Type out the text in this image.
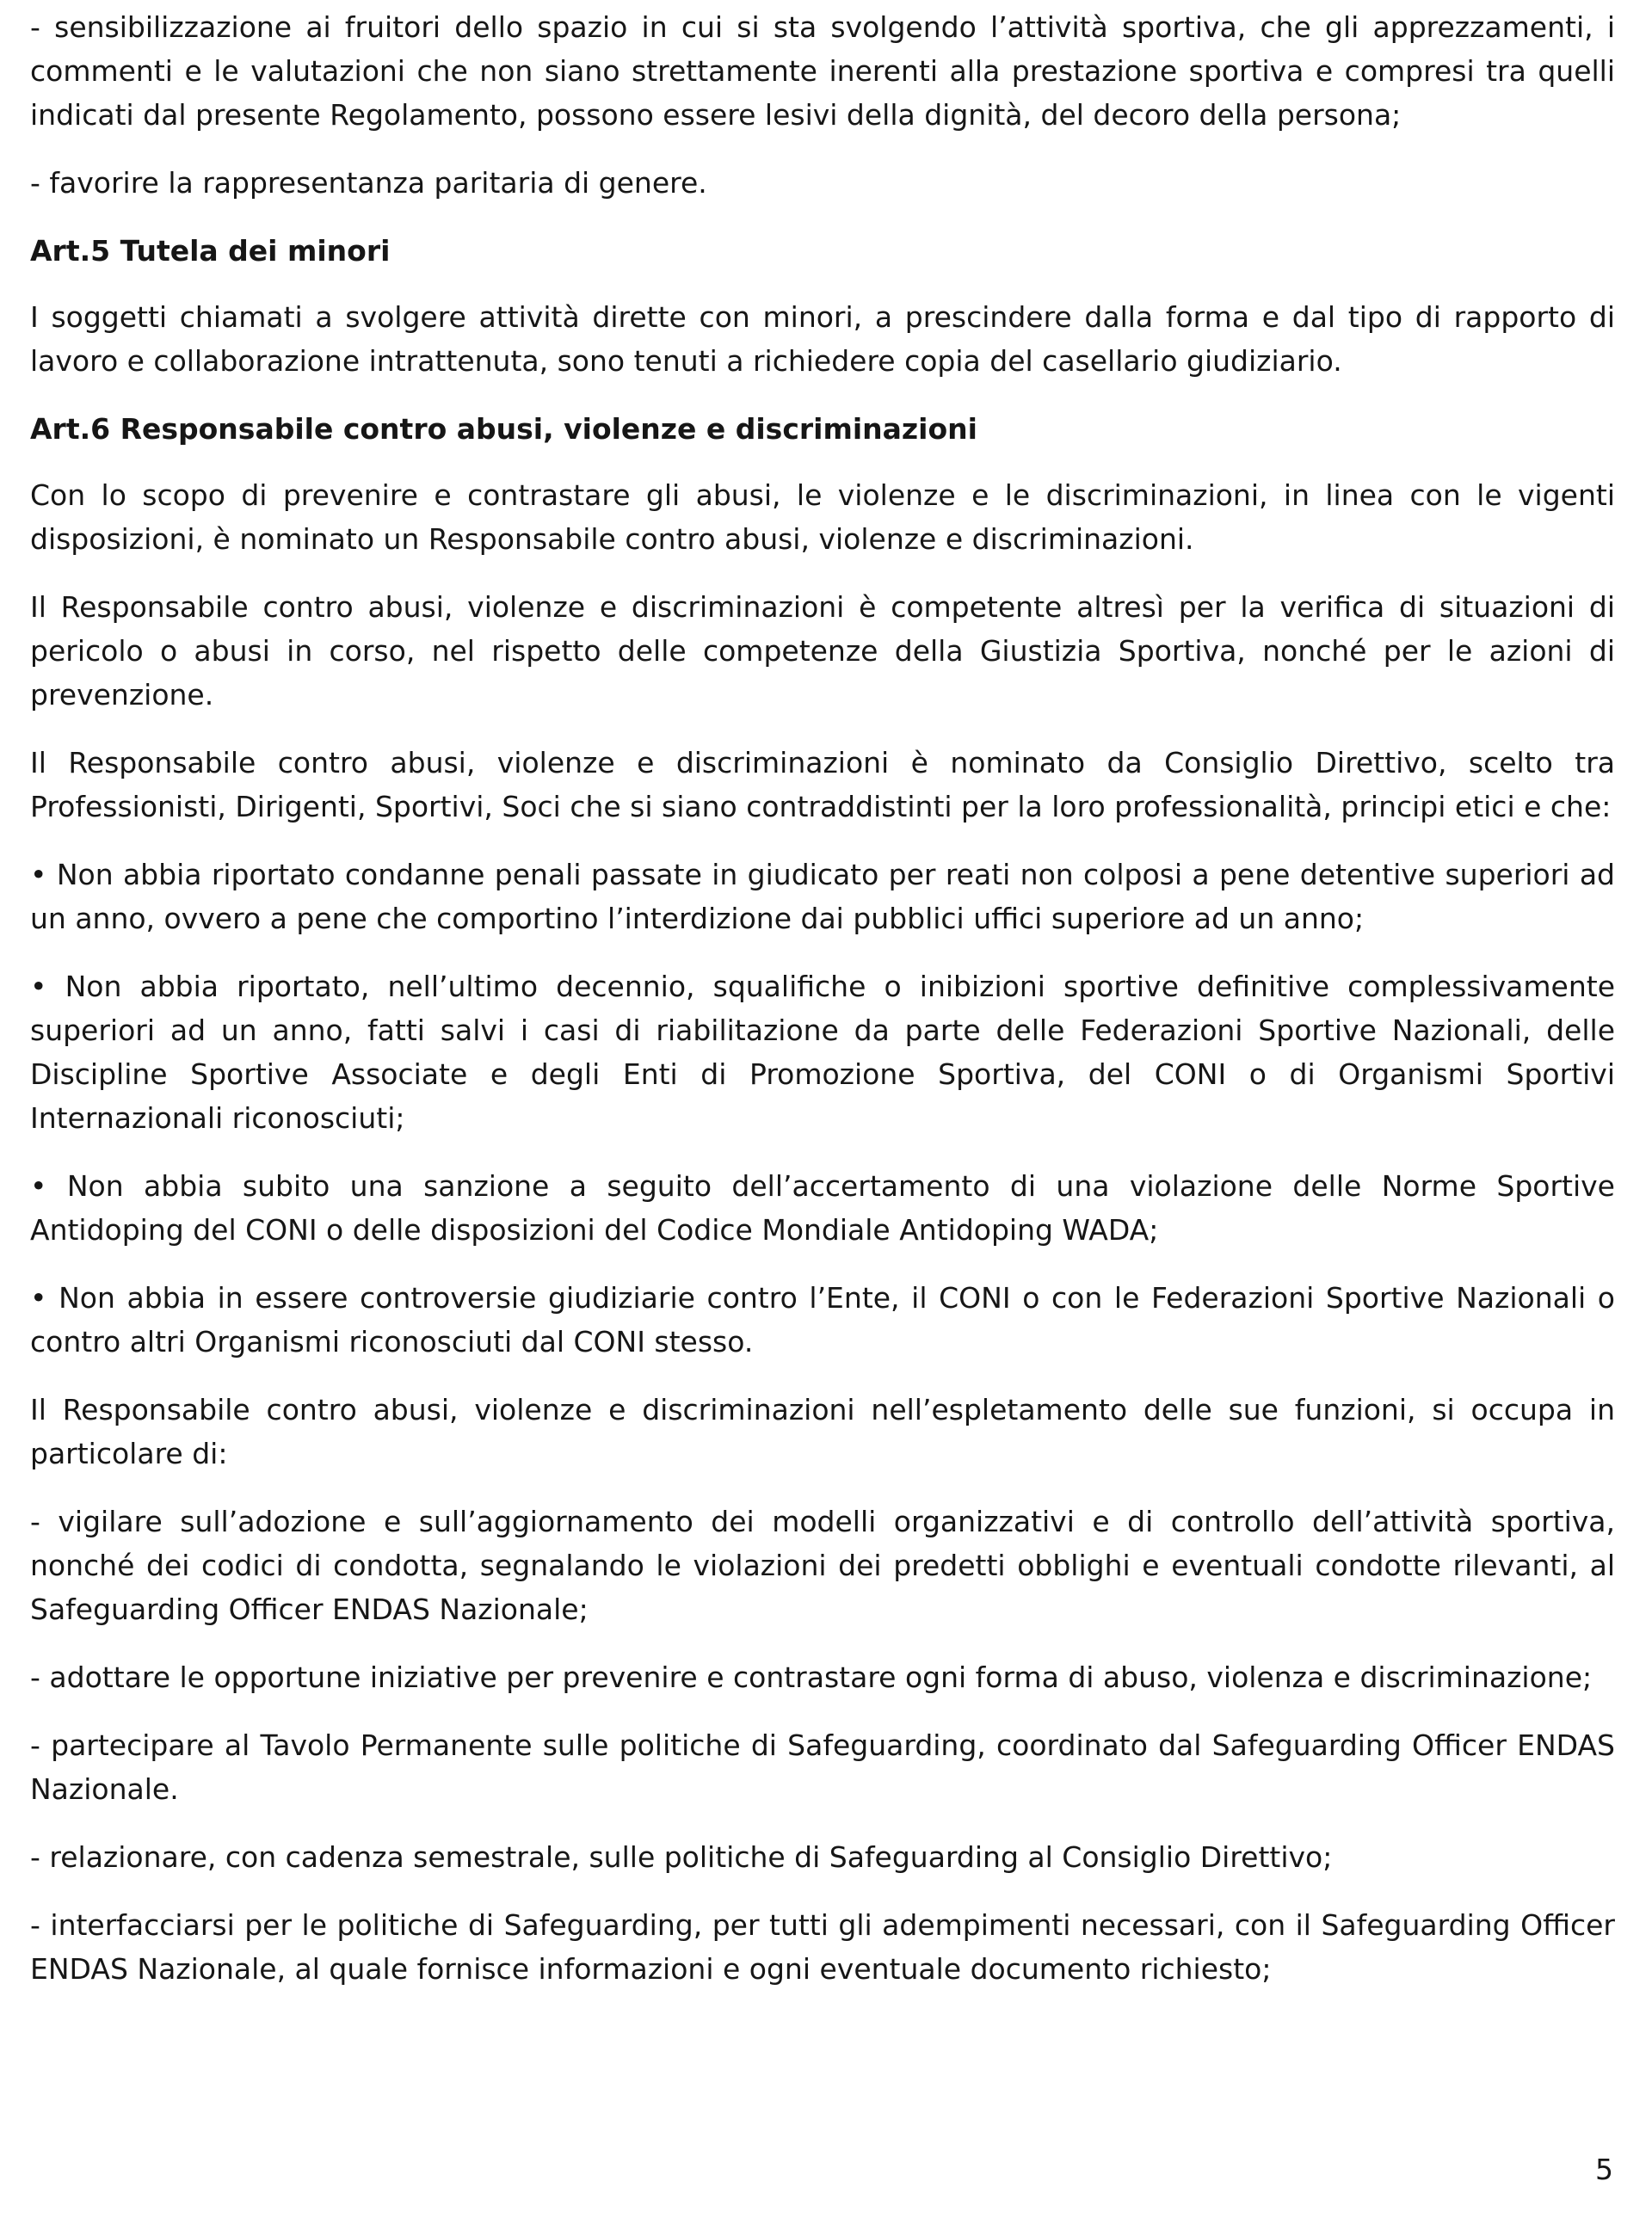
- sensibilizzazione ai fruitori dello spazio in cui si sta svolgendo l’attività sportiva, che gli apprezzamenti, i commenti e le valutazioni che non siano strettamente inerenti alla prestazione sportiva e compresi tra quelli indicati dal presente Regolamento, possono essere lesivi della dignità, del decoro della persona;

- favorire la rappresentanza paritaria di genere.

Art.5 Tutela dei minori

I soggetti chiamati a svolgere attività dirette con minori, a prescindere dalla forma e dal tipo di rapporto di lavoro e collaborazione intrattenuta, sono tenuti a richiedere copia del casellario giudiziario.

Art.6 Responsabile contro abusi, violenze e discriminazioni

Con lo scopo di prevenire e contrastare gli abusi, le violenze e le discriminazioni, in linea con le vigenti disposizioni, è nominato un Responsabile contro abusi, violenze e discriminazioni.

Il Responsabile contro abusi, violenze e discriminazioni è competente altresì per la verifica di situazioni di pericolo o abusi in corso, nel rispetto delle competenze della Giustizia Sportiva, nonché per le azioni di prevenzione.

Il Responsabile contro abusi, violenze e discriminazioni è nominato da Consiglio Direttivo, scelto tra Professionisti, Dirigenti, Sportivi, Soci che si siano contraddistinti per la loro professionalità, principi etici e che:

• Non abbia riportato condanne penali passate in giudicato per reati non colposi a pene detentive superiori ad un anno, ovvero a pene che comportino l’interdizione dai pubblici uffici superiore ad un anno;

• Non abbia riportato, nell’ultimo decennio, squalifiche o inibizioni sportive definitive complessivamente superiori ad un anno, fatti salvi i casi di riabilitazione da parte delle Federazioni Sportive Nazionali, delle Discipline Sportive Associate e degli Enti di Promozione Sportiva, del CONI o di Organismi Sportivi Internazionali riconosciuti;

• Non abbia subito una sanzione a seguito dell’accertamento di una violazione delle Norme Sportive Antidoping del CONI o delle disposizioni del Codice Mondiale Antidoping WADA;

• Non abbia in essere controversie giudiziarie contro l’Ente, il CONI o con le Federazioni Sportive Nazionali o contro altri Organismi riconosciuti dal CONI stesso.

Il Responsabile contro abusi, violenze e discriminazioni nell’espletamento delle sue funzioni, si occupa in particolare di:

- vigilare sull’adozione e sull’aggiornamento dei modelli organizzativi e di controllo dell’attività sportiva, nonché dei codici di condotta, segnalando le violazioni dei predetti obblighi e eventuali condotte rilevanti, al Safeguarding Officer ENDAS Nazionale;

- adottare le opportune iniziative per prevenire e contrastare ogni forma di abuso, violenza e discriminazione;

- partecipare al Tavolo Permanente sulle politiche di Safeguarding, coordinato dal Safeguarding Officer ENDAS Nazionale.

- relazionare, con cadenza semestrale, sulle politiche di Safeguarding al Consiglio Direttivo;

- interfacciarsi per le politiche di Safeguarding, per tutti gli adempimenti necessari, con il Safeguarding Officer ENDAS Nazionale, al quale fornisce informazioni e ogni eventuale documento richiesto;

5
